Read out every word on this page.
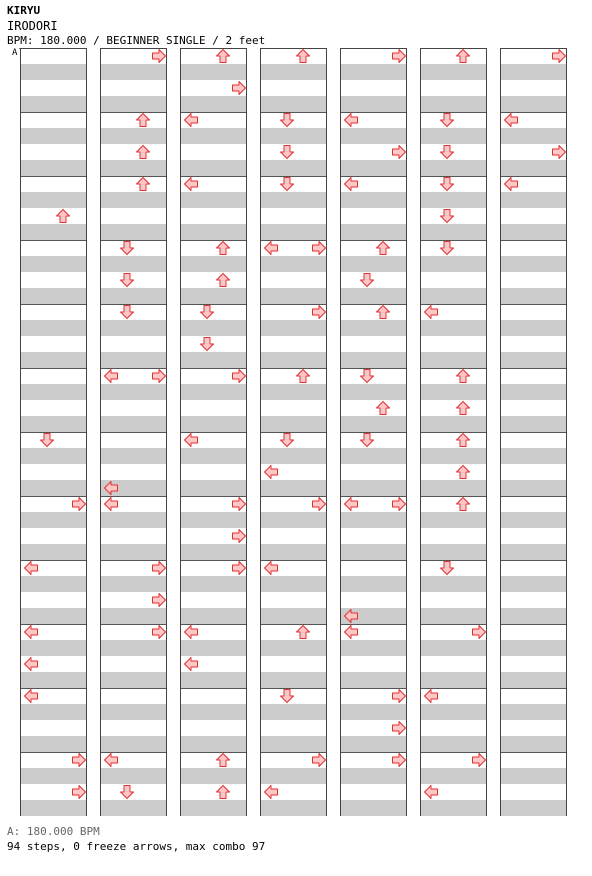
KIRYU
IRODORI
BPM: 180.000 / BEGINNER SINGLE / 2 feet
A
A: 180.000 BPM
94 steps, 0 freeze arrows, max combo 97
